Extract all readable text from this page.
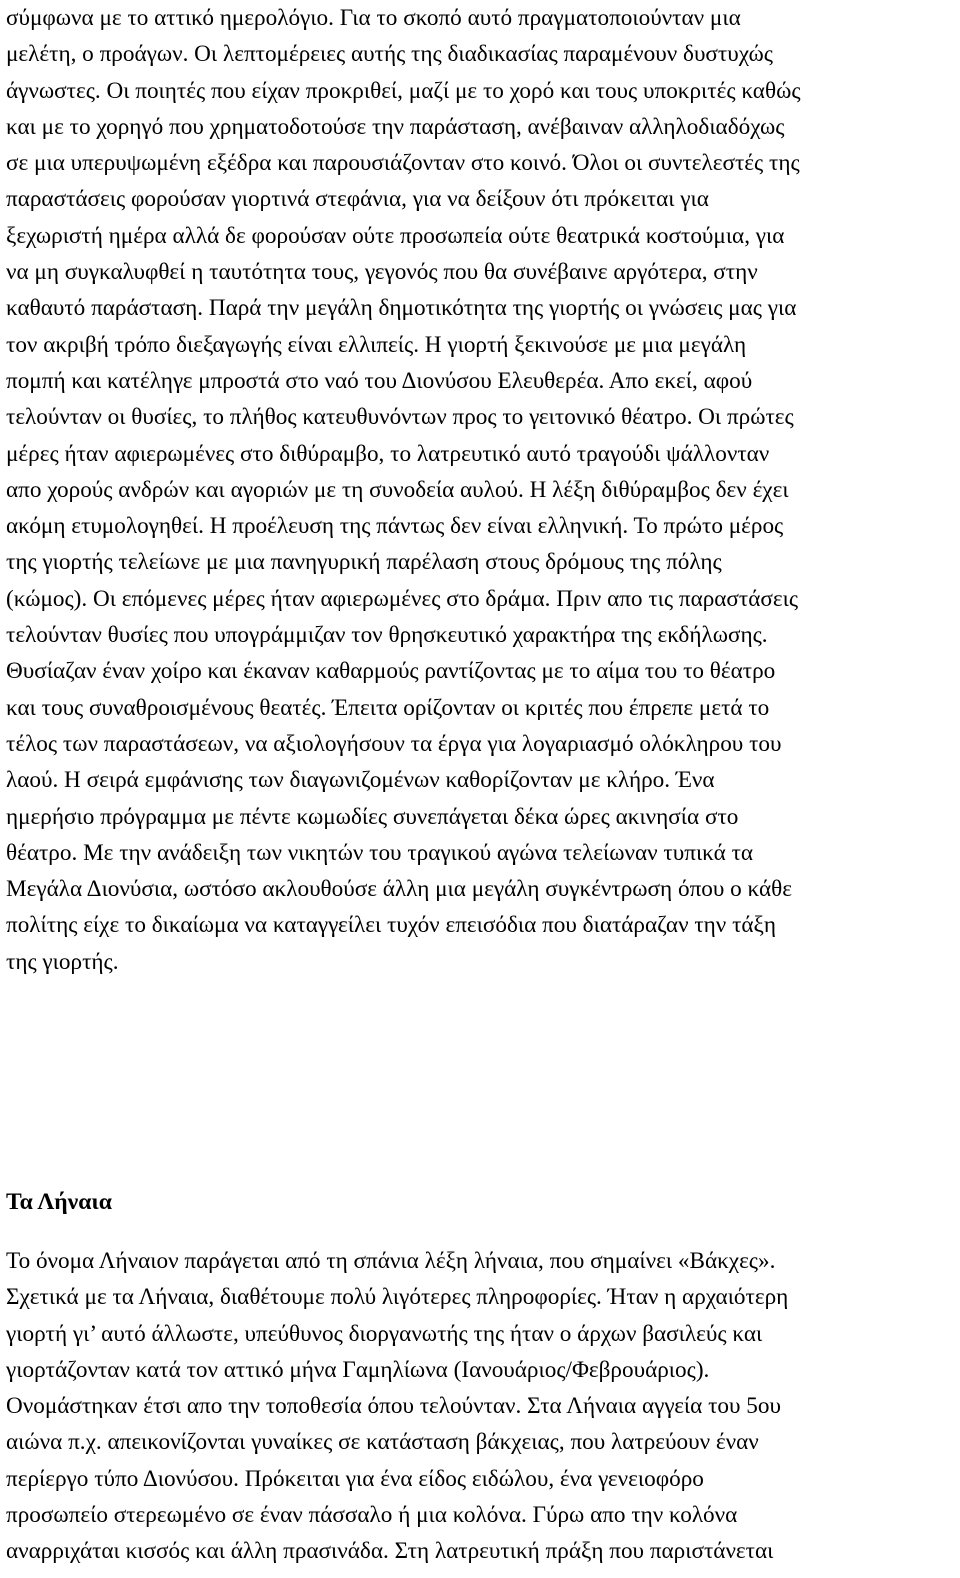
σύμφωνα με το αττικό ημερολόγιο. Για το σκοπό αυτό πραγματοποιούνταν μια
μελέτη, ο προάγων. Οι λεπτομέρειες αυτής της διαδικασίας παραμένουν δυστυχώς
άγνωστες. Οι ποιητές που είχαν προκριθεί, μαζί με το χορό και τους υποκριτές καθώς
και με το χορηγό που χρηματοδοτούσε την παράσταση, ανέβαιναν αλληλοδιαδόχως
σε μια υπερυψωμένη εξέδρα και παρουσιάζονταν στο κοινό. Όλοι οι συντελεστές της
παραστάσεις φορούσαν γιορτινά στεφάνια, για να δείξουν ότι πρόκειται για
ξεχωριστή ημέρα αλλά δε φορούσαν ούτε προσωπεία ούτε θεατρικά κοστούμια, για
να μη συγκαλυφθεί η ταυτότητα τους, γεγονός που θα συνέβαινε αργότερα, στην
καθαυτό παράσταση. Παρά την μεγάλη δημοτικότητα της γιορτής οι γνώσεις μας για
τον ακριβή τρόπο διεξαγωγής είναι ελλιπείς. Η γιορτή ξεκινούσε με μια μεγάλη
πομπή και κατέληγε μπροστά στο ναό του Διονύσου Ελευθερέα. Απο εκεί, αφού
τελούνταν οι θυσίες, το πλήθος κατευθυνόντων προς το γειτονικό θέατρο. Οι πρώτες
μέρες ήταν αφιερωμένες στο διθύραμβο, το λατρευτικό αυτό τραγούδι ψάλλονταν
απο χορούς ανδρών και αγοριών με τη συνοδεία αυλού. Η λέξη διθύραμβος δεν έχει
ακόμη ετυμολογηθεί. Η προέλευση της πάντως δεν είναι ελληνική. Το πρώτο μέρος
της γιορτής τελείωνε με μια πανηγυρική παρέλαση στους δρόμους της πόλης
(κώμος). Οι επόμενες μέρες ήταν αφιερωμένες στο δράμα. Πριν απο τις παραστάσεις
τελούνταν θυσίες που υπογράμμιζαν τον θρησκευτικό χαρακτήρα της εκδήλωσης.
Θυσίαζαν έναν χοίρο και έκαναν καθαρμούς ραντίζοντας με το αίμα του το θέατρο
και τους συναθροισμένους θεατές. Έπειτα ορίζονταν οι κριτές που έπρεπε μετά το
τέλος των παραστάσεων, να αξιολογήσουν τα έργα για λογαριασμό ολόκληρου του
λαού. Η σειρά εμφάνισης των διαγωνιζομένων καθορίζονταν με κλήρο. Ένα
ημερήσιο πρόγραμμα με πέντε κωμωδίες συνεπάγεται δέκα ώρες ακινησία στο
θέατρο. Με την ανάδειξη των νικητών του τραγικού αγώνα τελείωναν τυπικά τα
Μεγάλα Διονύσια, ωστόσο ακλουθούσε άλλη μια μεγάλη συγκέντρωση όπου ο κάθε
πολίτης είχε το δικαίωμα να καταγγείλει τυχόν επεισόδια που διατάραζαν την τάξη
της γιορτής.
Τα Λήναια
Το όνομα Λήναιον παράγεται από τη σπάνια λέξη λήναια, που σημαίνει «Βάκχες».
Σχετικά με τα Λήναια, διαθέτουμε πολύ λιγότερες πληροφορίες. Ήταν η αρχαιότερη
γιορτή γι’ αυτό άλλωστε, υπεύθυνος διοργανωτής της ήταν ο άρχων βασιλεύς και
γιορτάζονταν κατά τον αττικό μήνα Γαμηλίωνα (Ιανουάριος/Φεβρουάριος).
Ονομάστηκαν έτσι απο την τοποθεσία όπου τελούνταν. Στα Λήναια αγγεία του 5ου
αιώνα π.χ. απεικονίζονται γυναίκες σε κατάσταση βάκχειας, που λατρεύουν έναν
περίεργο τύπο Διονύσου. Πρόκειται για ένα είδος ειδώλου, ένα γενειοφόρο
προσωπείο στερεωμένο σε έναν πάσσαλο ή μια κολόνα. Γύρω απο την κολόνα
αναρριχάται κισσός και άλλη πρασινάδα. Στη λατρευτική πράξη που παριστάνεται
